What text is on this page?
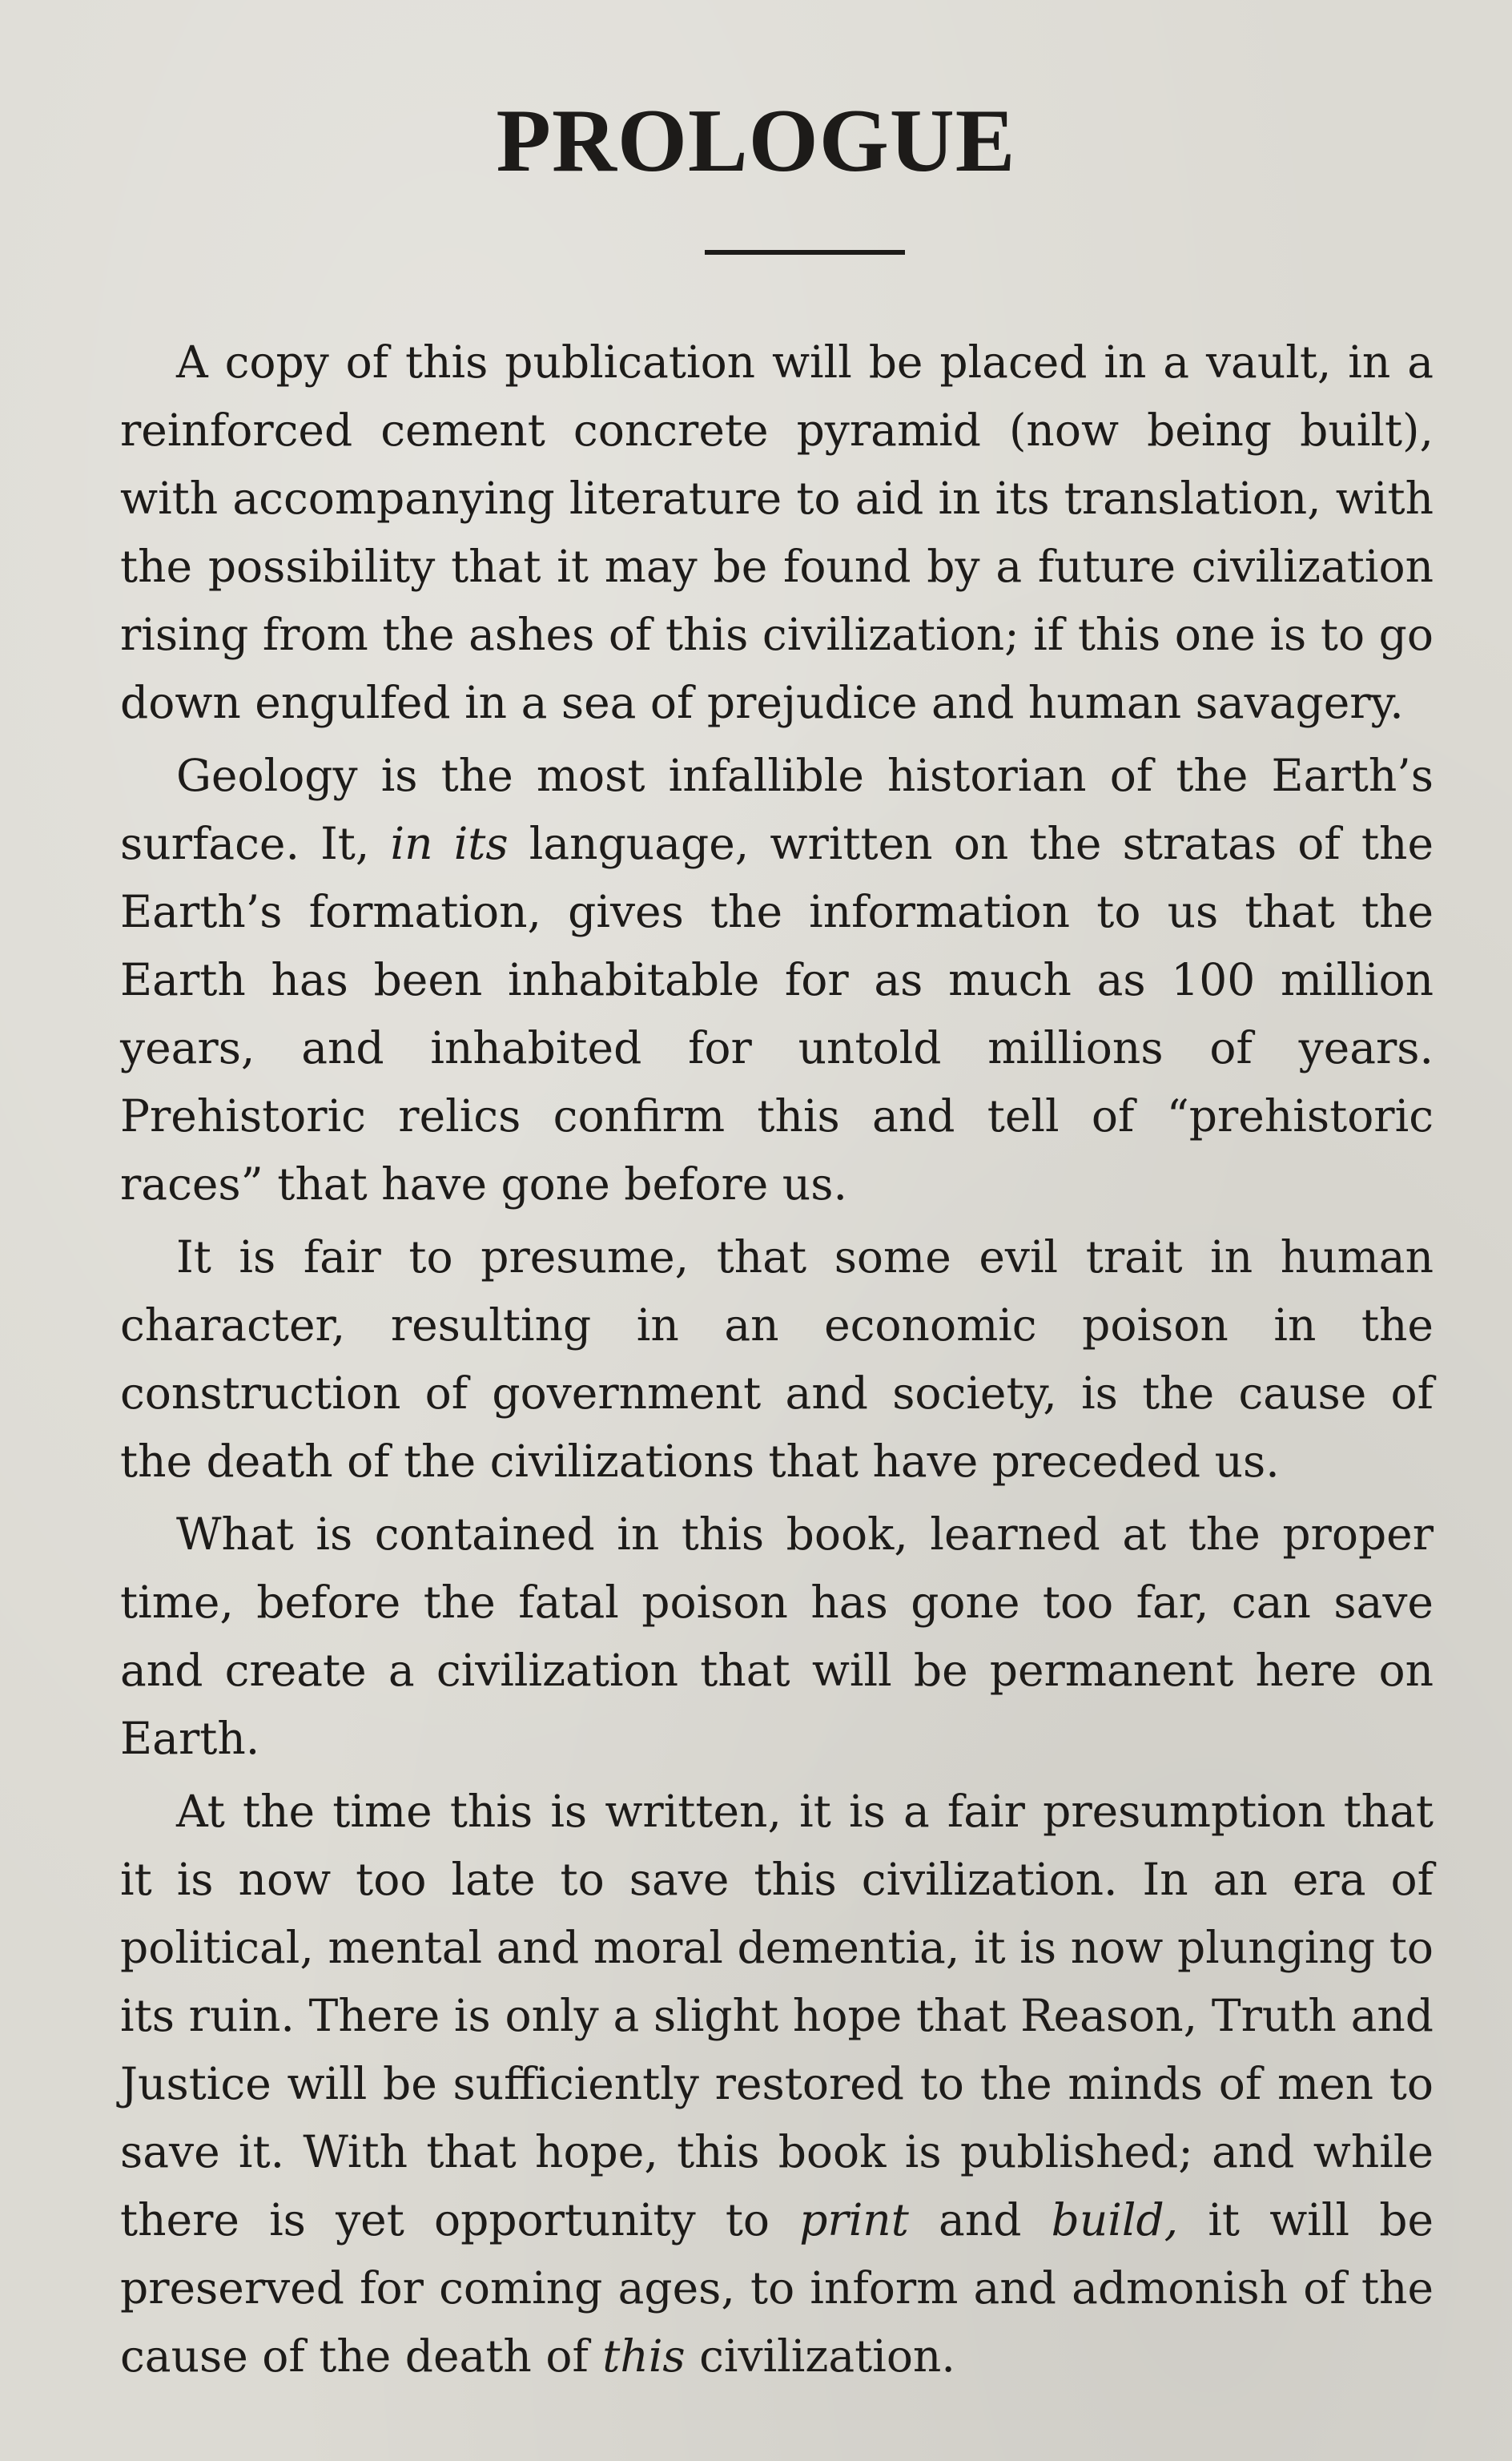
PROLOGUE

A copy of this publication will be placed in a vault, in a reinforced cement concrete pyramid (now being built), with accompanying literature to aid in its translation, with the possibility that it may be found by a future civilization rising from the ashes of this civilization; if this one is to go down engulfed in a sea of prejudice and human savagery.

Geology is the most infallible historian of the Earth’s surface. It, in its language, written on the stratas of the Earth’s formation, gives the information to us that the Earth has been inhabitable for as much as 100 million years, and inhabited for untold millions of years. Prehistoric relics confirm this and tell of “prehistoric races” that have gone before us.

It is fair to presume, that some evil trait in human character, resulting in an economic poison in the construction of government and society, is the cause of the death of the civilizations that have preceded us.

What is contained in this book, learned at the proper time, before the fatal poison has gone too far, can save and create a civilization that will be permanent here on Earth.

At the time this is written, it is a fair presumption that it is now too late to save this civilization. In an era of political, mental and moral dementia, it is now plunging to its ruin. There is only a slight hope that Reason, Truth and Justice will be sufficiently restored to the minds of men to save it. With that hope, this book is published; and while there is yet opportunity to print and build, it will be preserved for coming ages, to inform and admonish of the cause of the death of this civilization.
